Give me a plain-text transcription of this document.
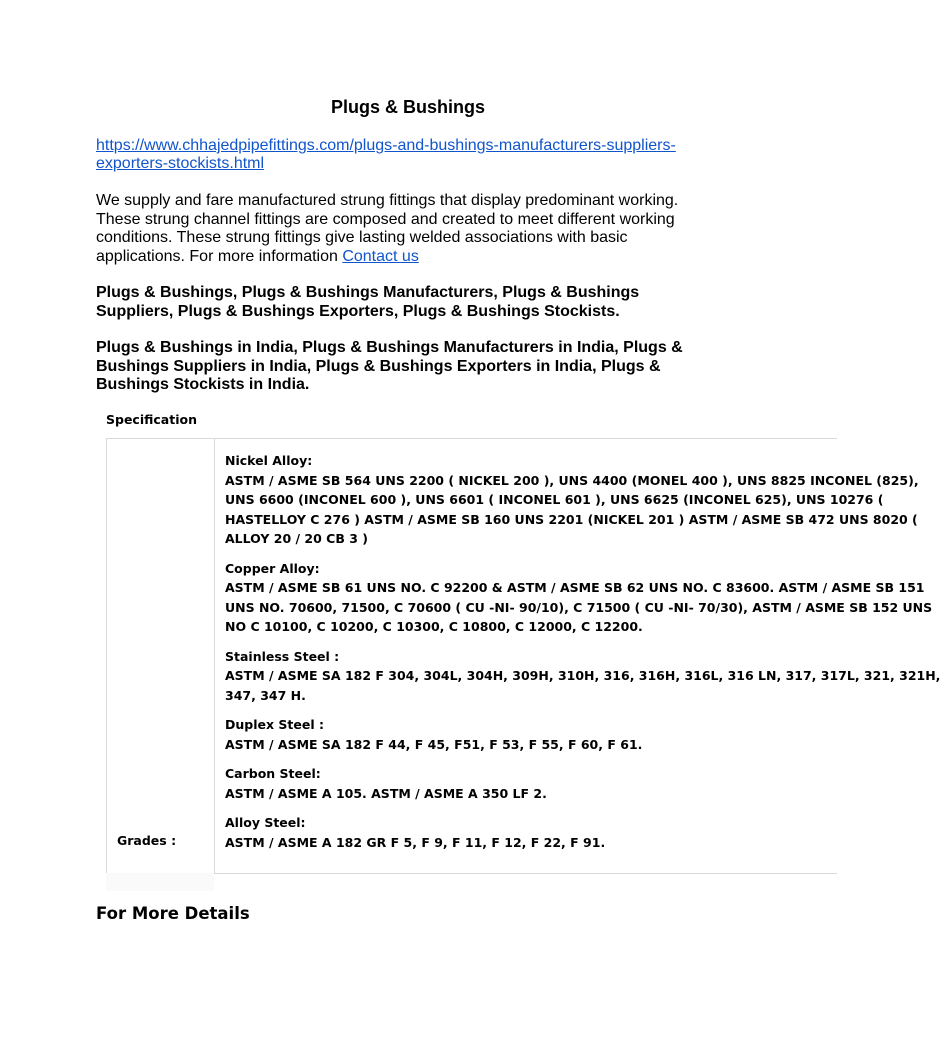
Plugs & Bushings
https://www.chhajedpipefittings.com/plugs-and-bushings-manufacturers-suppliers-
exporters-stockists.html
We supply and fare manufactured strung fittings that display predominant working.
These strung channel fittings are composed and created to meet different working
conditions. These strung fittings give lasting welded associations with basic
applications. For more information Contact us
Plugs & Bushings, Plugs & Bushings Manufacturers, Plugs & Bushings
Suppliers, Plugs & Bushings Exporters, Plugs & Bushings Stockists.
Plugs & Bushings in India, Plugs & Bushings Manufacturers in India, Plugs &
Bushings Suppliers in India, Plugs & Bushings Exporters in India, Plugs &
Bushings Stockists in India.
Specification
Grades :
Nickel Alloy:
ASTM / ASME SB 564 UNS 2200 ( NICKEL 200 ), UNS 4400 (MONEL 400 ), UNS 8825 INCONEL (825),
UNS 6600 (INCONEL 600 ), UNS 6601 ( INCONEL 601 ), UNS 6625 (INCONEL 625), UNS 10276 (
HASTELLOY C 276 ) ASTM / ASME SB 160 UNS 2201 (NICKEL 201 ) ASTM / ASME SB 472 UNS 8020 (
ALLOY 20 / 20 CB 3 )
Copper Alloy:
ASTM / ASME SB 61 UNS NO. C 92200 & ASTM / ASME SB 62 UNS NO. C 83600. ASTM / ASME SB 151
UNS NO. 70600, 71500, C 70600 ( CU -NI- 90/10), C 71500 ( CU -NI- 70/30), ASTM / ASME SB 152 UNS
NO C 10100, C 10200, C 10300, C 10800, C 12000, C 12200.
Stainless Steel :
ASTM / ASME SA 182 F 304, 304L, 304H, 309H, 310H, 316, 316H, 316L, 316 LN, 317, 317L, 321, 321H,
347, 347 H.
Duplex Steel :
ASTM / ASME SA 182 F 44, F 45, F51, F 53, F 55, F 60, F 61.
Carbon Steel:
ASTM / ASME A 105. ASTM / ASME A 350 LF 2.
Alloy Steel:
ASTM / ASME A 182 GR F 5, F 9, F 11, F 12, F 22, F 91.
For More Details
